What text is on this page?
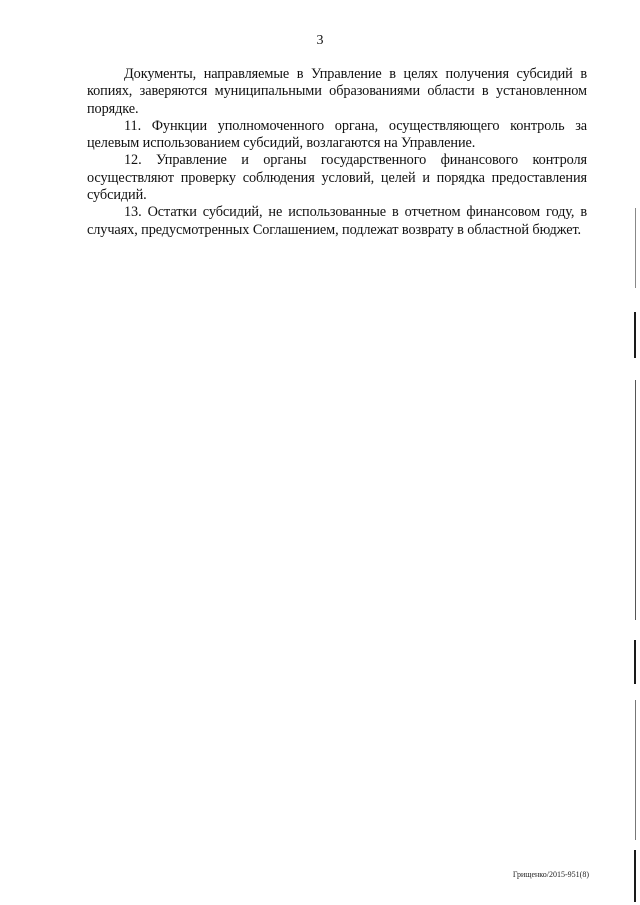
3

Документы, направляемые в Управление в целях получения субсидий в копиях, заверяются муниципальными образованиями области в установленном порядке.

11. Функции уполномоченного органа, осуществляющего контроль за целевым использованием субсидий, возлагаются на Управление.

12. Управление и органы государственного финансового контроля осуществляют проверку соблюдения условий, целей и порядка предоставления субсидий.

13. Остатки субсидий, не использованные в отчетном финансовом году, в случаях, предусмотренных Соглашением, подлежат возврату в областной бюджет.

Грищенко/2015-951(8)
